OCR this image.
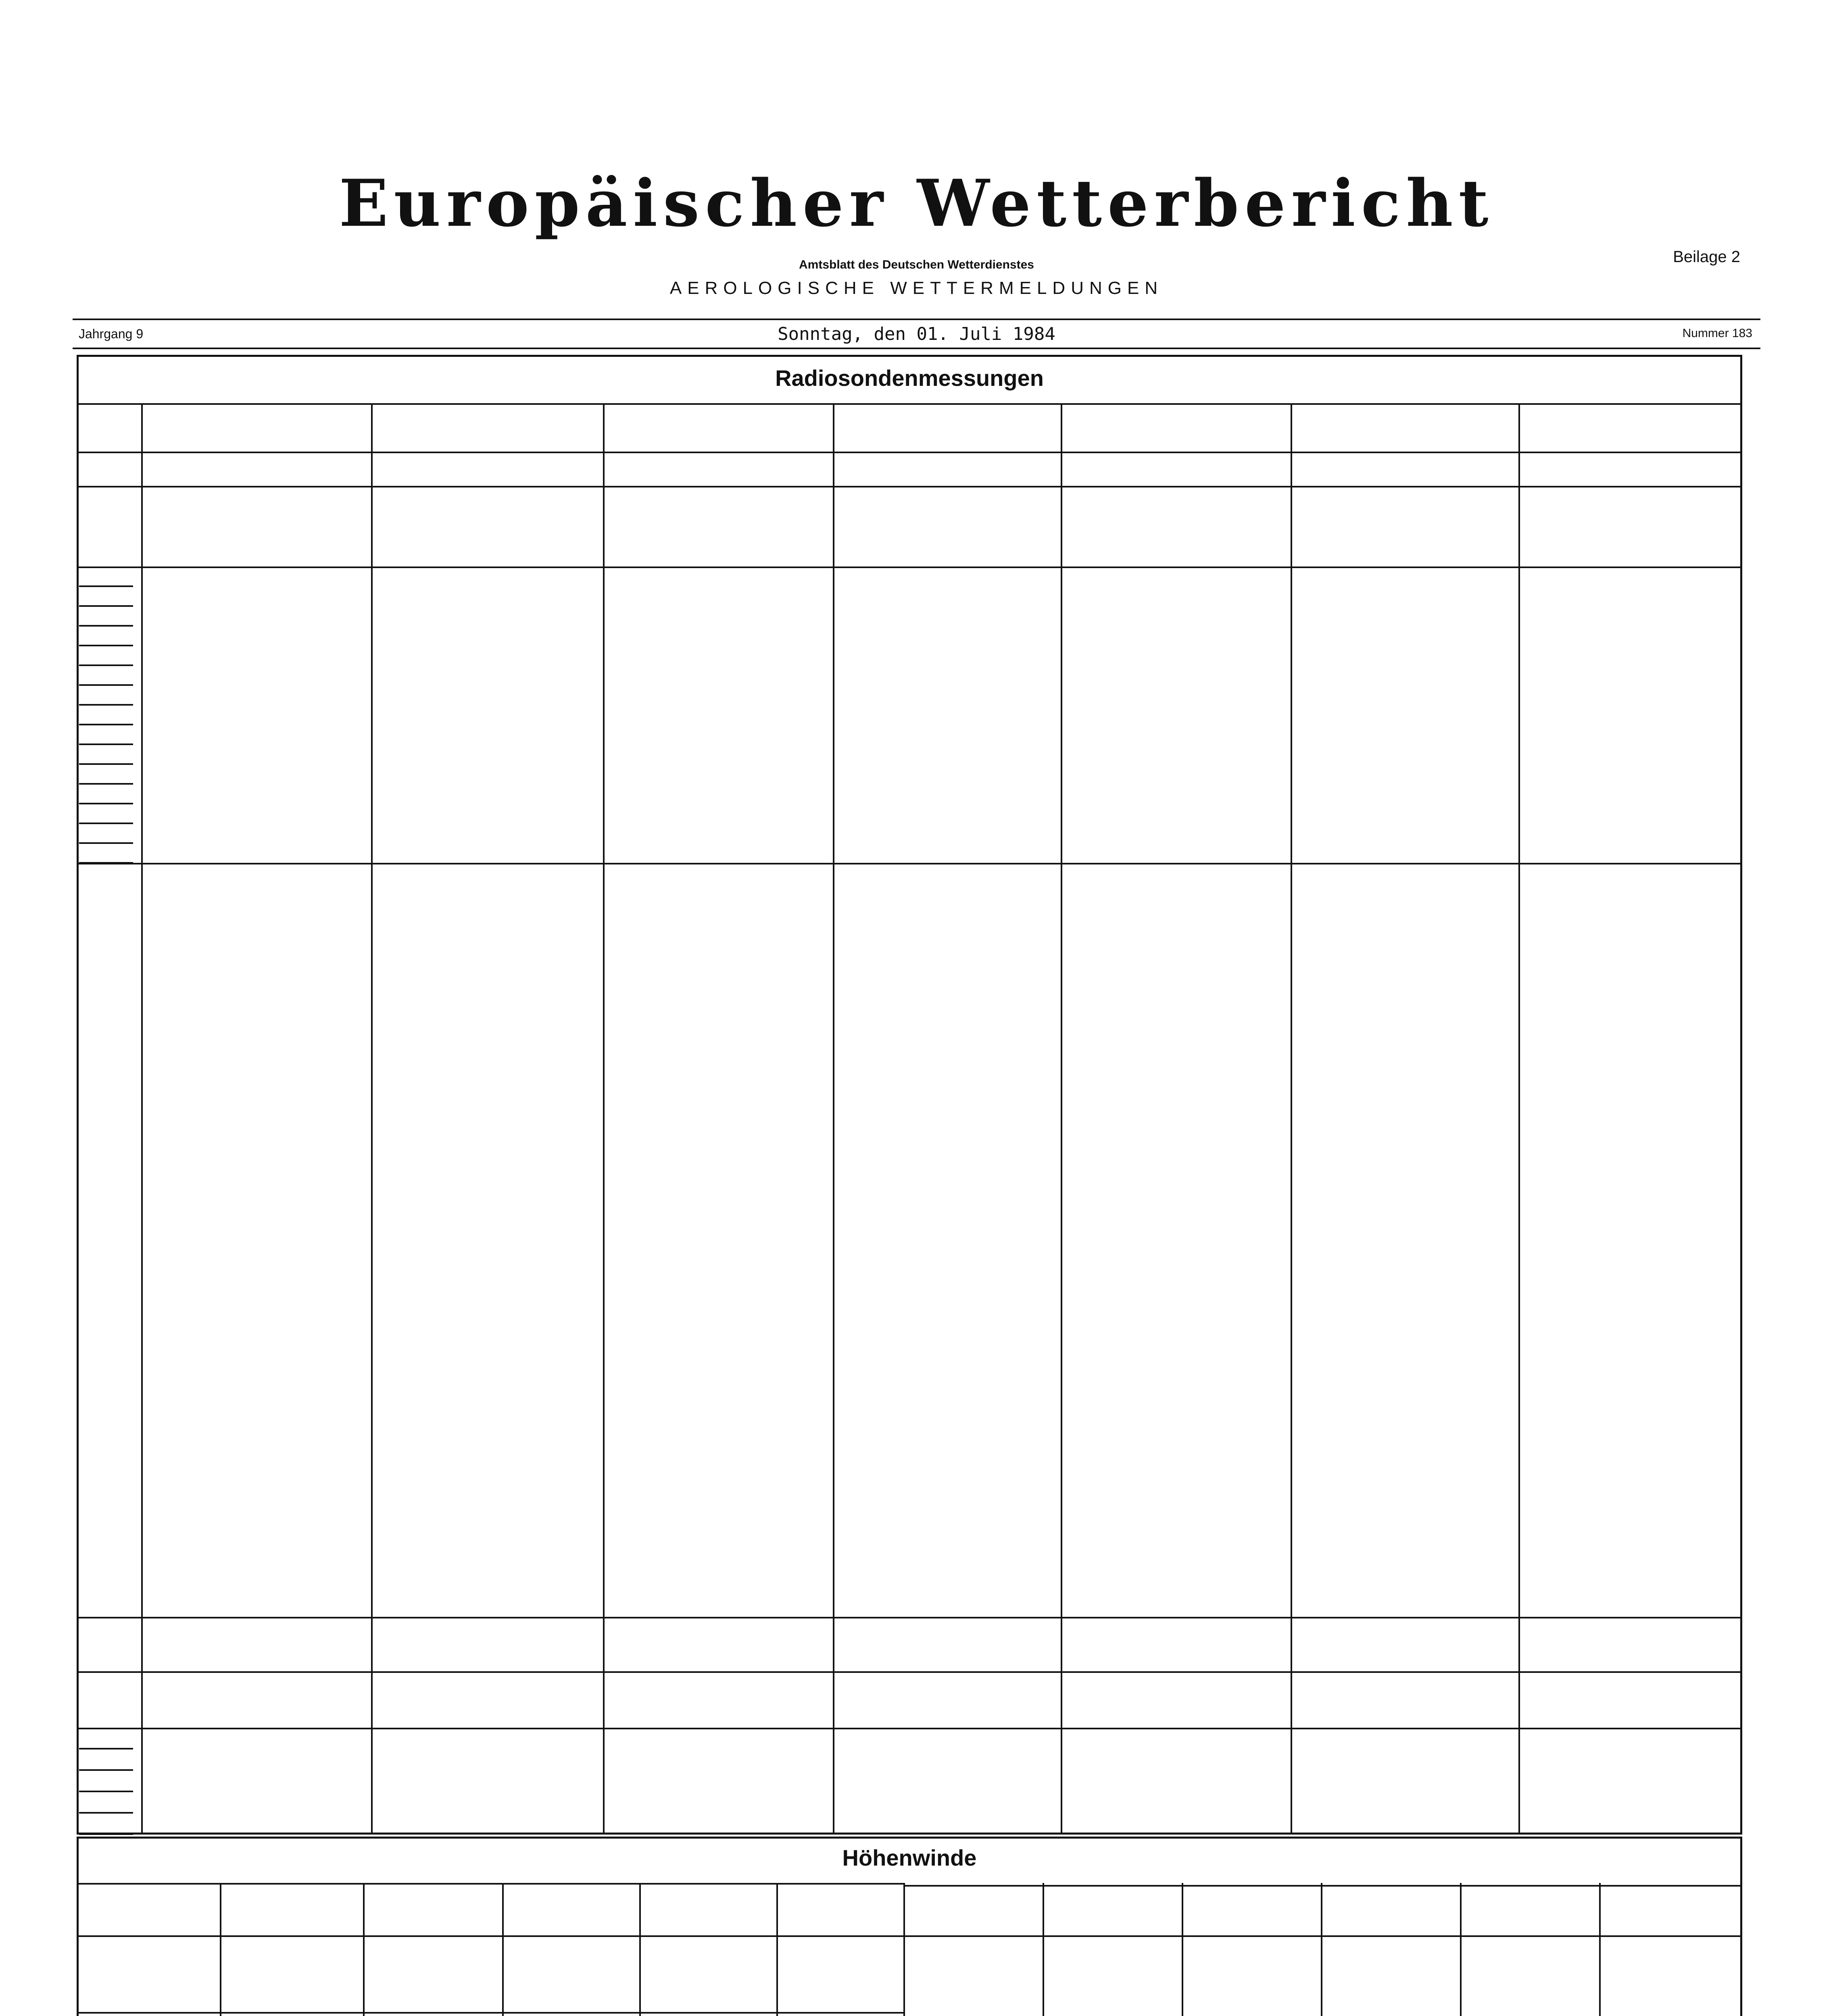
Europäischer Wetterbericht
Amtsblatt des Deutschen Wetterdienstes	Beilage 2
AEROLOGISCHE WETTERMELDUNGEN
Jahrgang 9	Sonntag, den 01. Juli 1984	Nummer 183
Radiosondenmessungen
Höhenwinde
